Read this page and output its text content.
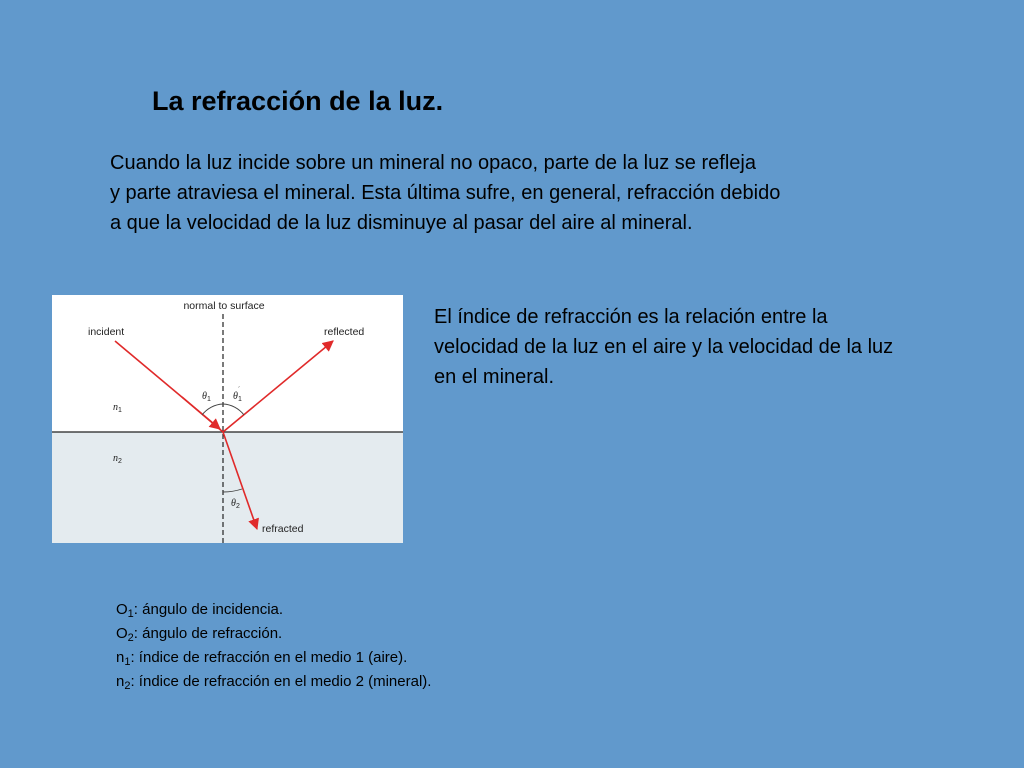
La refracción de la luz.

Cuando la luz incide sobre un mineral no opaco, parte de la luz se refleja
y parte atraviesa el mineral. Esta última sufre, en general, refracción debido
a que la velocidad de la luz disminuye al pasar del aire al mineral.

normal to surface
incident	reflected
refracted
θ 1 θ 1
´
θ 2
n 1
n 2

El índice de refracción es la relación entre la
velocidad de la luz en el aire y la velocidad de la luz
en el mineral.

$O_1$: ángulo de incidencia.
$O_2$: ángulo de refracción.
$n_1$: índice de refracción en el medio 1 (aire).
$n_2$: índice de refracción en el medio 2 (mineral).
